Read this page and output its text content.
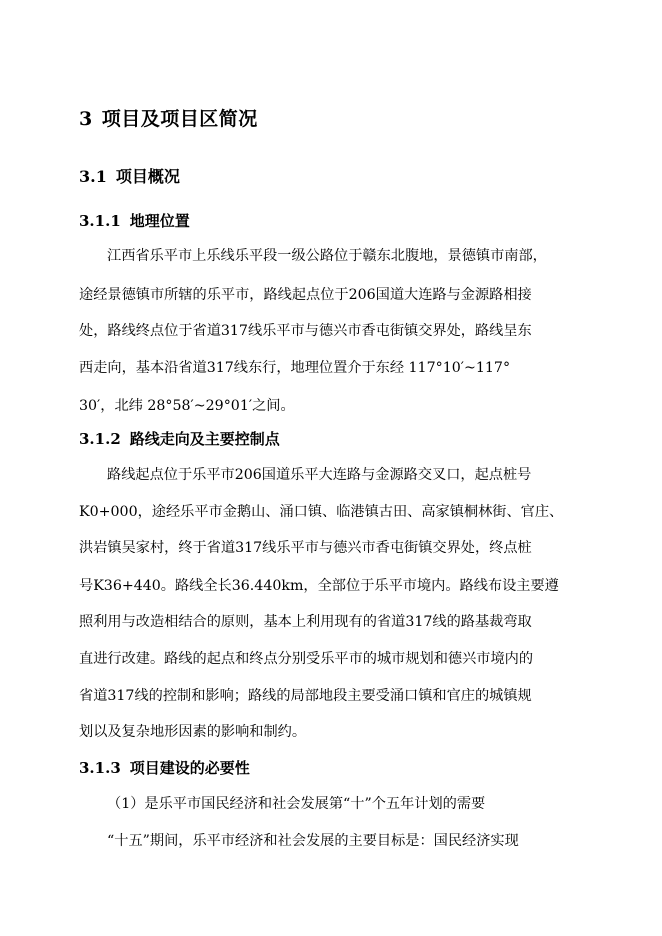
3 项目及项目区简况
3.1 项目概况
3.1.1 地理位置
江西省乐平市上乐线乐平段一级公路位于赣东北腹地，景德镇市南部，
途经景德镇市所辖的乐平市，路线起点位于206国道大连路与金源路相接
处，路线终点位于省道317线乐平市与德兴市香屯街镇交界处，路线呈东
西走向，基本沿省道317线东行，地理位置介于东经 117°10′~117°
30′，北纬 28°58′~29°01′之间。
3.1.2 路线走向及主要控制点
路线起点位于乐平市206国道乐平大连路与金源路交叉口，起点桩号
K0+000，途经乐平市金鹅山、涌口镇、临港镇古田、高家镇桐林街、官庄、
洪岩镇吴家村，终于省道317线乐平市与德兴市香屯街镇交界处，终点桩
号K36+440。路线全长36.440km，全部位于乐平市境内。路线布设主要遵
照利用与改造相结合的原则，基本上利用现有的省道317线的路基裁弯取
直进行改建。路线的起点和终点分别受乐平市的城市规划和德兴市境内的
省道317线的控制和影响；路线的局部地段主要受涌口镇和官庄的城镇规
划以及复杂地形因素的影响和制约。
3.1.3 项目建设的必要性
（1）是乐平市国民经济和社会发展第“十”个五年计划的需要
“十五”期间，乐平市经济和社会发展的主要目标是：国民经济实现
